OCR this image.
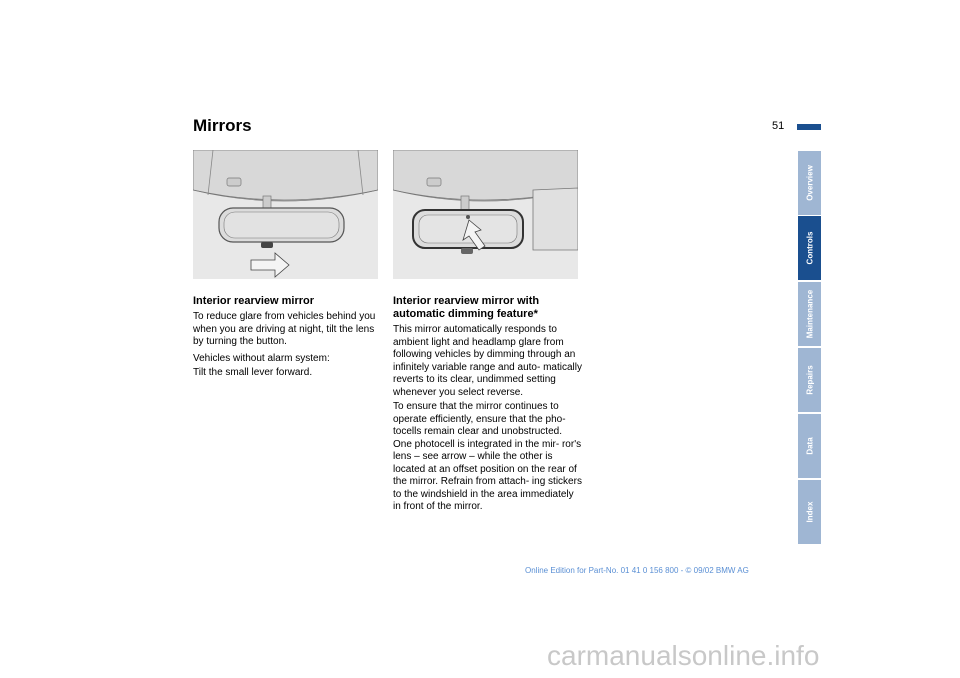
Mirrors	51
Interior rearview mirror
To reduce glare from vehicles behind you when you are driving at night, tilt the lens by turning the button.
Vehicles without alarm system:
Tilt the small lever forward.
Interior rearview mirror with automatic dimming feature*
This mirror automatically responds to ambient light and headlamp glare from following vehicles by dimming through an infinitely variable range and auto- matically reverts to its clear, undimmed setting whenever you select reverse.
To ensure that the mirror continues to operate efficiently, ensure that the pho- tocells remain clear and unobstructed. One photocell is integrated in the mir- ror's lens – see arrow – while the other is located at an offset position on the rear of the mirror. Refrain from attach- ing stickers to the windshield in the area immediately in front of the mirror.
Overview
Controls
Maintenance
Repairs
Data
Index
Online Edition for Part-No. 01 41 0 156 800 - © 09/02 BMW AG
carmanualsonline.info
